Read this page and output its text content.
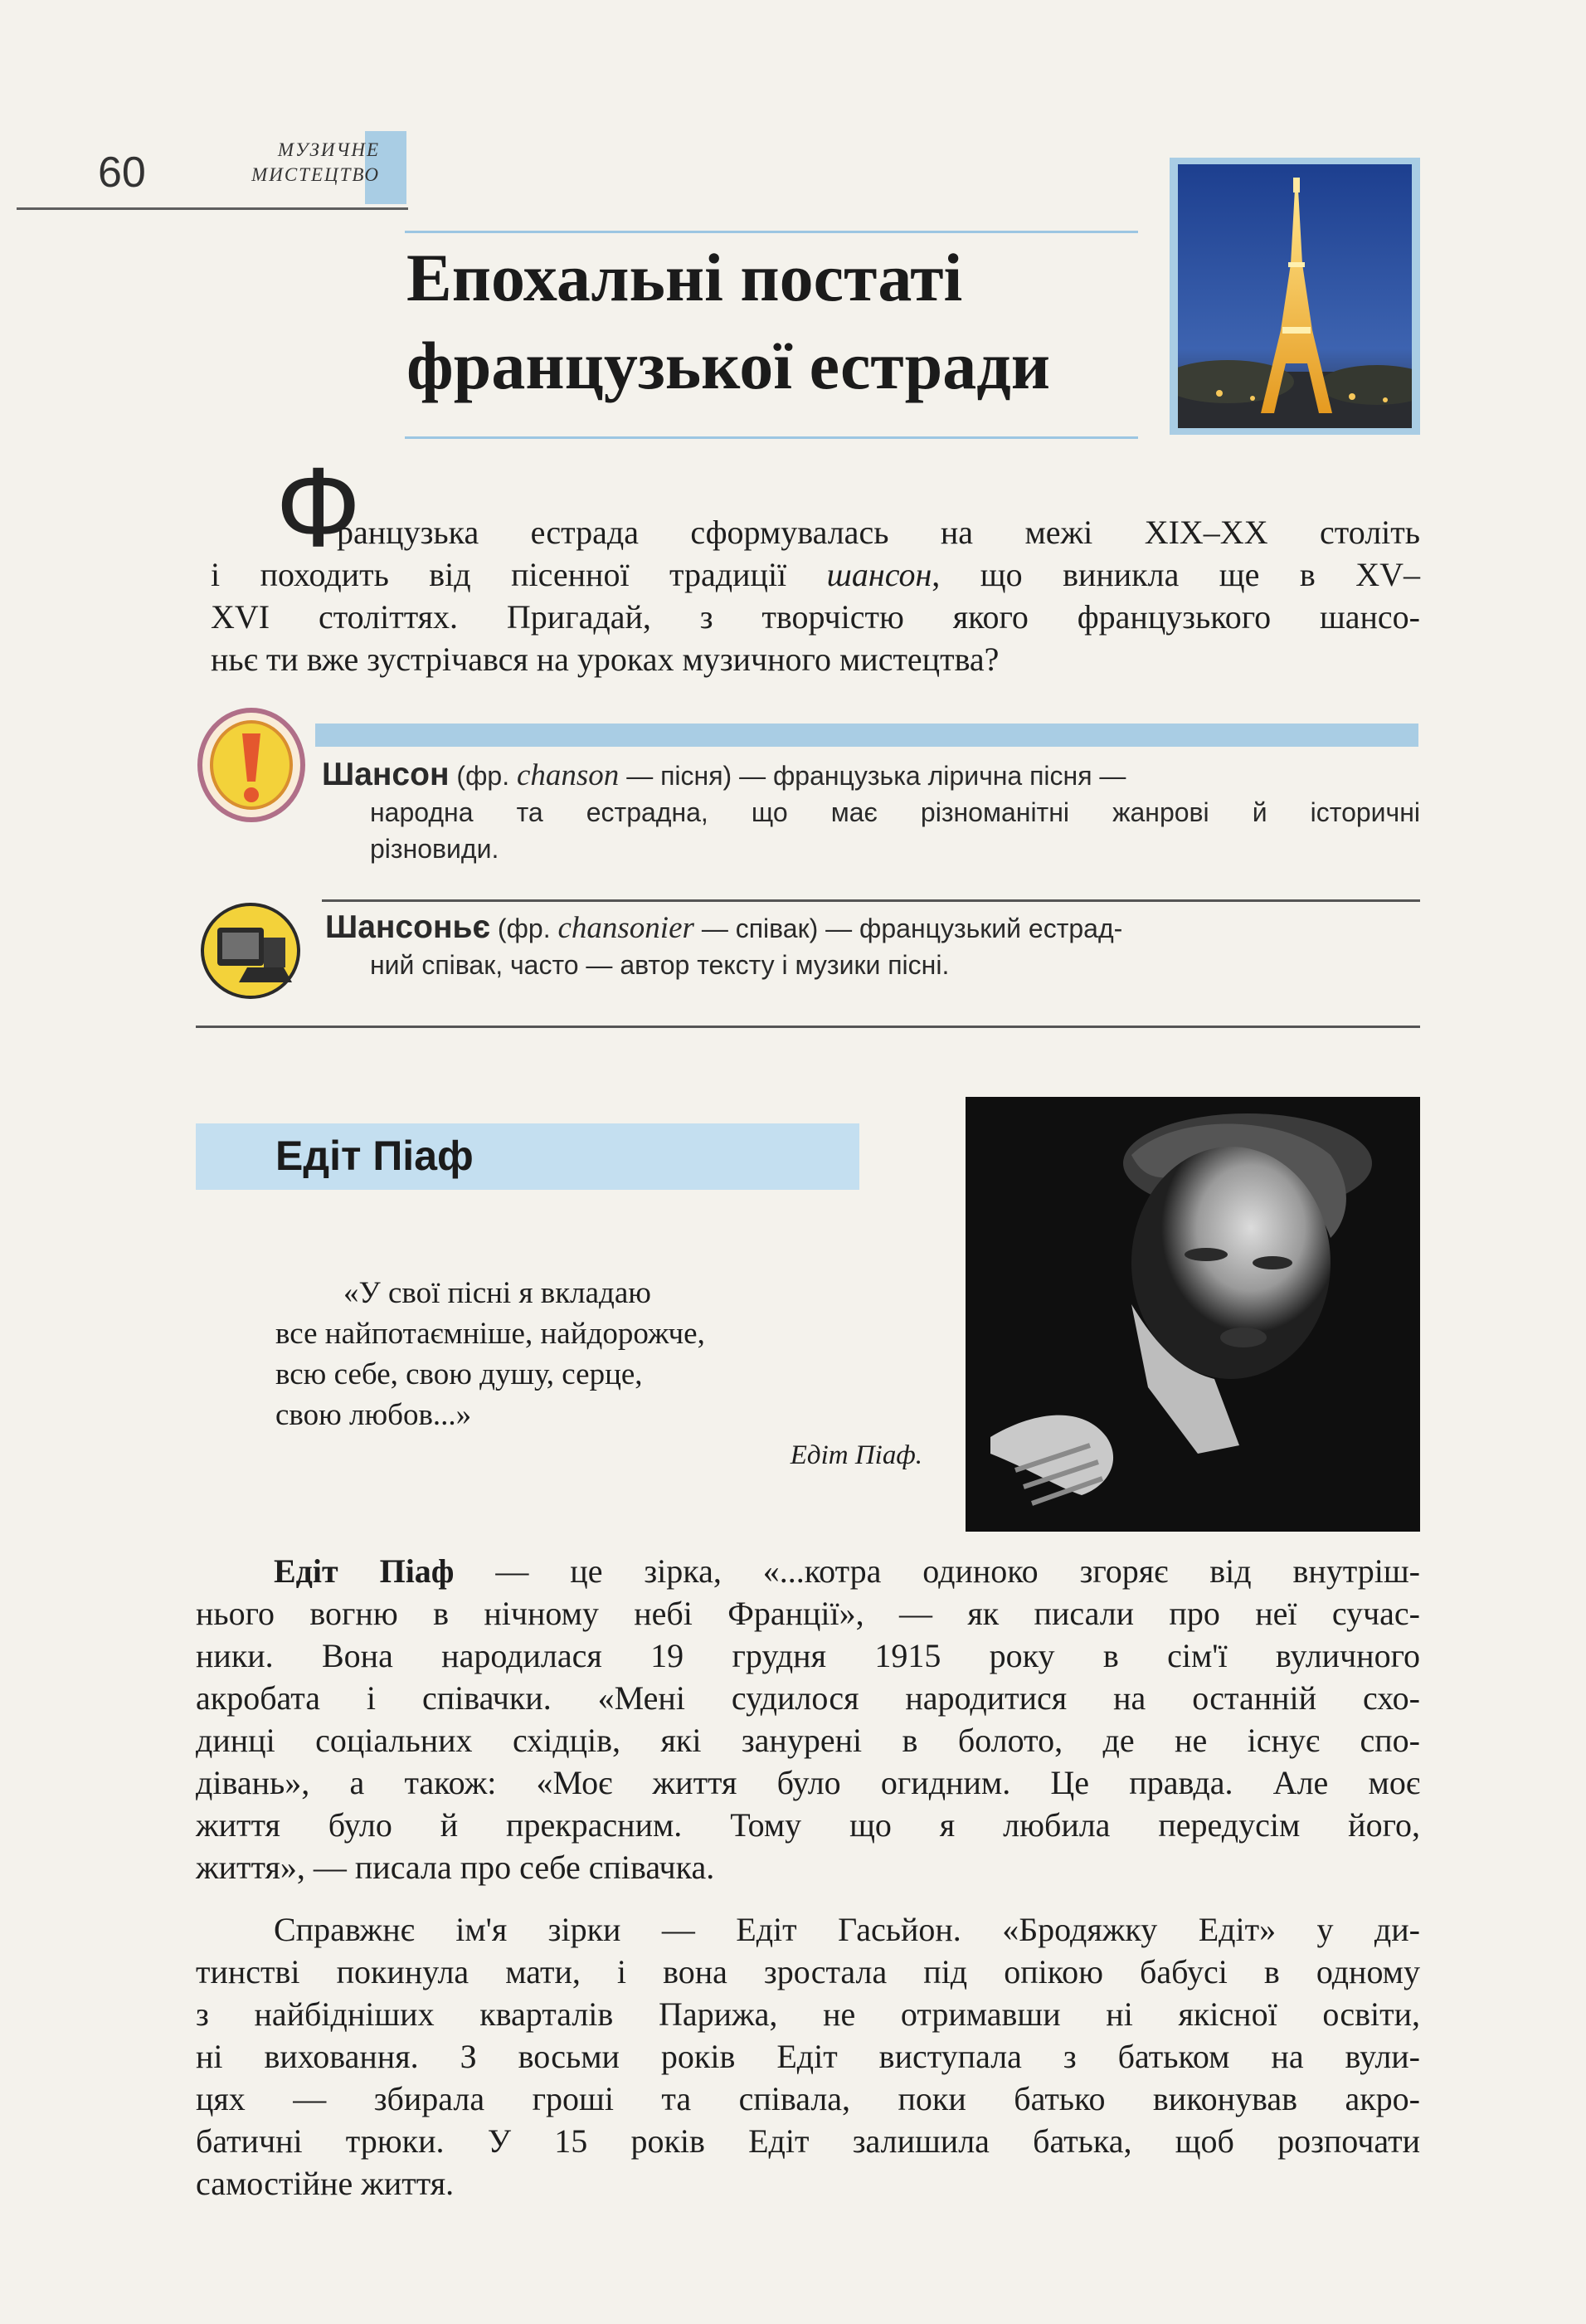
60	МУЗИЧНЕ
МИСТЕЦТВО
Епохальні постаті
французької естради
Ф
ранцузька естрада сформувалась на межі XIX–XX століть
і походить від пісенної традиції шансон, що виникла ще в XV–
XVI століттях. Пригадай, з творчістю якого французького шансо-
ньє ти вже зустрічався на уроках музичного мистецтва?
Шансон (фр. chanson — пісня) — французька лірична пісня —
народна та естрадна, що має різноманітні жанрові й історичні
різновиди.
Шансоньє (фр. chansonier — співак) — французький естрад-
ний співак, часто — автор тексту і музики пісні.
Едіт Піаф
«У свої пісні я вкладаю
все найпотаємніше, найдорожче,
всю себе, свою душу, серце,
свою любов...»
Едіт Піаф.
Едіт Піаф — це зірка, «...котра одиноко згоряє від внутріш-
нього вогню в нічному небі Франції», — як писали про неї сучас-
ники. Вона народилася 19 грудня 1915 року в сім'ї вуличного
акробата і співачки. «Мені судилося народитися на останній схо-
динці соціальних східців, які занурені в болото, де не існує спо-
дівань», а також: «Моє життя було огидним. Це правда. Але моє
життя було й прекрасним. Тому що я любила передусім його,
життя», — писала про себе співачка.
Справжнє ім'я зірки — Едіт Гасьйон. «Бродяжку Едіт» у ди-
тинстві покинула мати, і вона зростала під опікою бабусі в одному
з найбідніших кварталів Парижа, не отримавши ні якісної освіти,
ні виховання. З восьми років Едіт виступала з батьком на вули-
цях — збирала гроші та співала, поки батько виконував акро-
батичні трюки. У 15 років Едіт залишила батька, щоб розпочати
самостійне життя.
